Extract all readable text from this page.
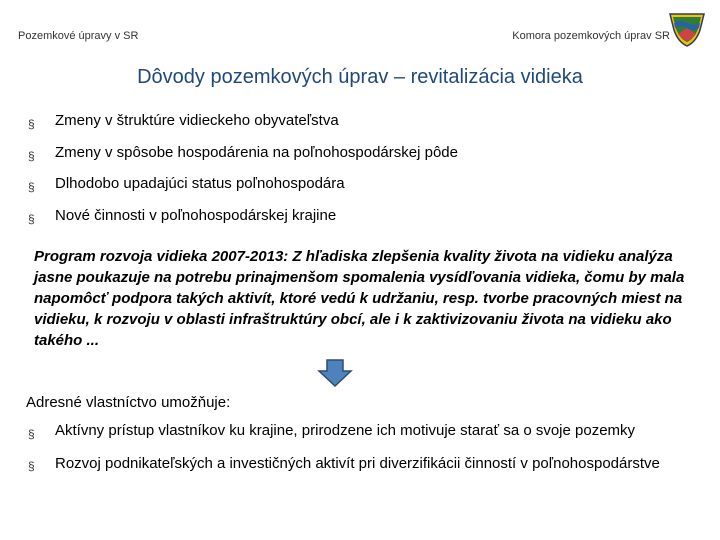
Pozemkové úpravy v SR	Komora pozemkových úprav SR
Dôvody pozemkových úprav – revitalizácia vidieka
§ Zmeny v štruktúre vidieckeho obyvateľstva
§ Zmeny v spôsobe hospodárenia na poľnohospodárskej pôde
§ Dlhodobo upadajúci status poľnohospodára
§ Nové činnosti v poľnohospodárskej krajine
Program rozvoja vidieka 2007-2013: Z hľadiska zlepšenia kvality života na vidieku analýza jasne poukazuje na potrebu prinajmenšom spomalenia vysídľovania vidieka, čomu by mala napomôcť podpora takých aktivít, ktoré vedú k udržaniu, resp. tvorbe pracovných miest na vidieku, k rozvoju v oblasti infraštruktúry obcí, ale i k zaktivizovaniu života na vidieku ako takého ...
Adresné vlastníctvo umožňuje:
§ Aktívny prístup vlastníkov ku krajine, prirodzene ich motivuje starať sa o svoje pozemky
§ Rozvoj podnikateľských a investičných aktivít pri diverzifikácii činností v poľnohospodárstve
